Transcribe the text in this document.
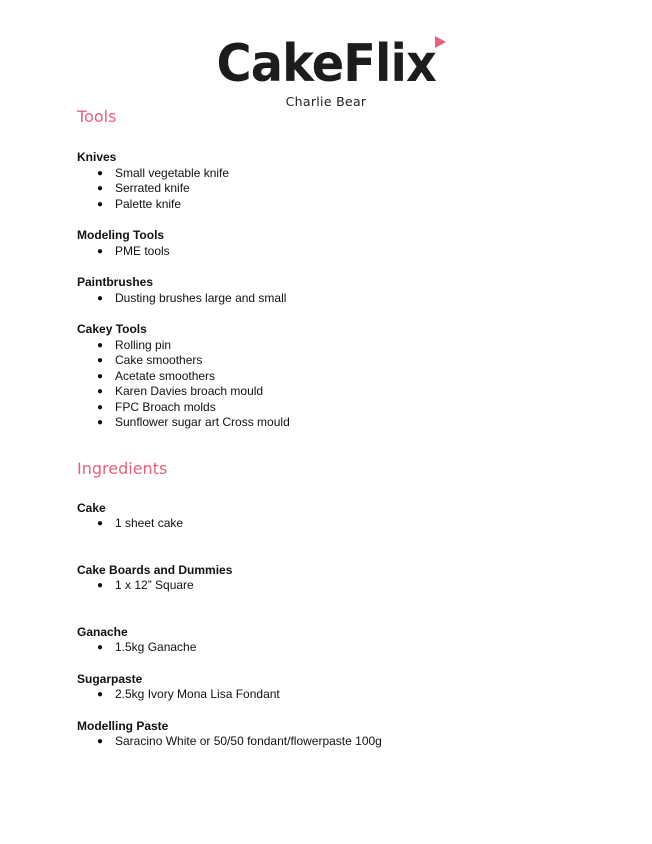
CakeFlix
Charlie Bear
Tools
Knives
● Small vegetable knife
● Serrated knife
● Palette knife
Modeling Tools
● PME tools
Paintbrushes
● Dusting brushes large and small
Cakey Tools
● Rolling pin
● Cake smoothers
● Acetate smoothers
● Karen Davies broach mould
● FPC Broach molds
● Sunflower sugar art Cross mould
Ingredients
Cake
● 1 sheet cake
Cake Boards and Dummies
● 1 x 12” Square
Ganache
● 1.5kg Ganache
Sugarpaste
● 2.5kg Ivory Mona Lisa Fondant
Modelling Paste
● Saracino White or 50/50 fondant/flowerpaste 100g
